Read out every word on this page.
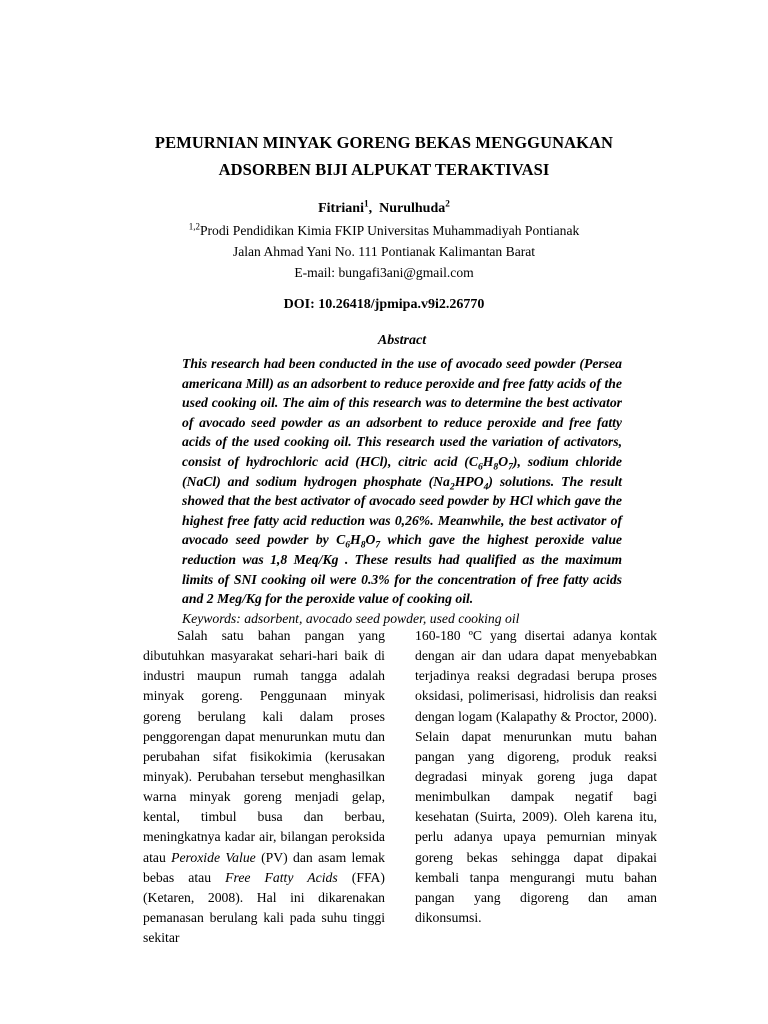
PEMURNIAN MINYAK GORENG BEKAS MENGGUNAKAN
ADSORBEN BIJI ALPUKAT TERAKTIVASI

Fitriani$^1$,  Nurulhuda$^2$

$^{1,2}$Prodi Pendidikan Kimia FKIP Universitas Muhammadiyah Pontianak

Jalan Ahmad Yani No. 111 Pontianak Kalimantan Barat

E-mail: bungafi3ani@gmail.com

DOI: 10.26418/jpmipa.v9i2.26770

Abstract

This research had been conducted in the use of avocado seed powder (Persea americana Mill) as an adsorbent to reduce peroxide and free fatty acids of the used cooking oil. The aim of this research was to determine the best activator of avocado seed powder as an adsorbent to reduce peroxide and free fatty acids of the used cooking oil. This research used the variation of activators, consist of hydrochloric acid (HCl), citric acid $(C_6H_8O_7)$, sodium chloride (NaCl) and sodium hydrogen phosphate $(Na_2HPO_4)$ solutions. The result showed that the best activator of avocado seed powder by HCl which gave the highest free fatty acid reduction was 0,26%. Meanwhile, the best activator of avocado seed powder by $C_6H_8O_7$ which gave the highest peroxide value reduction was 1,8 Meq/Kg . These results had qualified as the maximum limits of SNI cooking oil were 0.3% for the concentration of free fatty acids and 2 Meg/Kg for the peroxide value of cooking oil.

Keywords: adsorbent, avocado seed powder, used cooking oil

Salah satu bahan pangan yang dibutuhkan masyarakat sehari-hari baik di industri maupun rumah tangga adalah minyak goreng. Penggunaan minyak goreng berulang kali dalam proses penggorengan dapat menurunkan mutu dan perubahan sifat fisikokimia (kerusakan minyak). Perubahan tersebut menghasilkan warna minyak goreng menjadi gelap, kental, timbul busa dan berbau, meningkatnya kadar air, bilangan peroksida atau Peroxide Value (PV) dan asam lemak bebas atau Free Fatty Acids (FFA) (Ketaren, 2008). Hal ini dikarenakan pemanasan berulang kali pada suhu tinggi sekitar

160-180 ºC yang disertai adanya kontak dengan air dan udara dapat menyebabkan terjadinya reaksi degradasi berupa proses oksidasi, polimerisasi, hidrolisis dan reaksi dengan logam (Kalapathy & Proctor, 2000). Selain dapat menurunkan mutu bahan pangan yang digoreng, produk reaksi degradasi minyak goreng juga dapat menimbulkan dampak negatif bagi kesehatan (Suirta, 2009). Oleh karena itu, perlu adanya upaya pemurnian minyak goreng bekas sehingga dapat dipakai kembali tanpa mengurangi mutu bahan pangan yang digoreng dan aman dikonsumsi.
